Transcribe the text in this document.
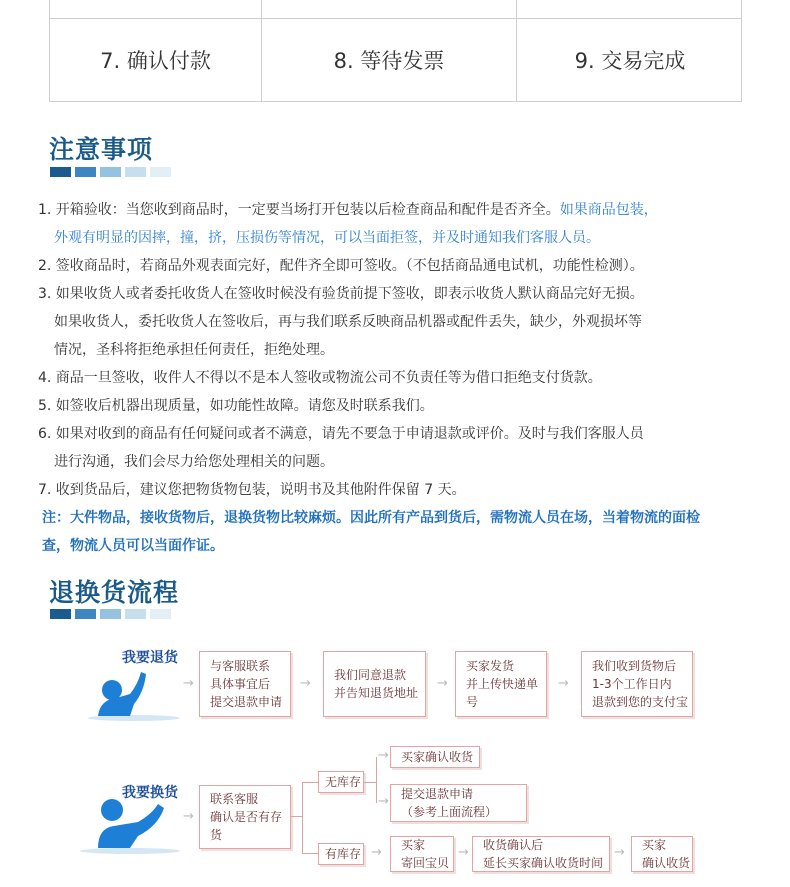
7. 确认付款	8. 等待发票	9. 交易完成
注意事项
1. 开箱验收：当您收到商品时，一定要当场打开包装以后检查商品和配件是否齐全。如果商品包装，
外观有明显的因摔，撞，挤，压损伤等情况，可以当面拒签，并及时通知我们客服人员。
2. 签收商品时，若商品外观表面完好，配件齐全即可签收。（不包括商品通电试机，功能性检测）。
3. 如果收货人或者委托收货人在签收时候没有验货前提下签收，即表示收货人默认商品完好无损。
如果收货人，委托收货人在签收后，再与我们联系反映商品机器或配件丢失，缺少，外观损坏等
情况，圣科将拒绝承担任何责任，拒绝处理。
4. 商品一旦签收，收件人不得以不是本人签收或物流公司不负责任等为借口拒绝支付货款。
5. 如签收后机器出现质量，如功能性故障。请您及时联系我们。
6. 如果对收到的商品有任何疑问或者不满意，请先不要急于申请退款或评价。及时与我们客服人员
进行沟通，我们会尽力给您处理相关的问题。
7. 收到货品后，建议您把物货物包装，说明书及其他附件保留 7 天。
注：大件物品，接收货物后，退换货物比较麻烦。因此所有产品到货后，需物流人员在场，当着物流的面检
查，物流人员可以当面作证。
退换货流程
我要退货
→
与客服联系
具体事宜后
提交退款申请
→
我们同意退款
并告知退货地址
→
买家发货
并上传快递单号
→
我们收到货物后
1-3个工作日内
退款到您的支付宝
我要换货
→
联系客服
确认是否有存货
无库存
有库存
→
→
买家确认收货
提交退款申请
（参考上面流程）
→ 买家
寄回宝贝
→ 收货确认后
延长买家确认收货时间
→ 买家
确认收货
